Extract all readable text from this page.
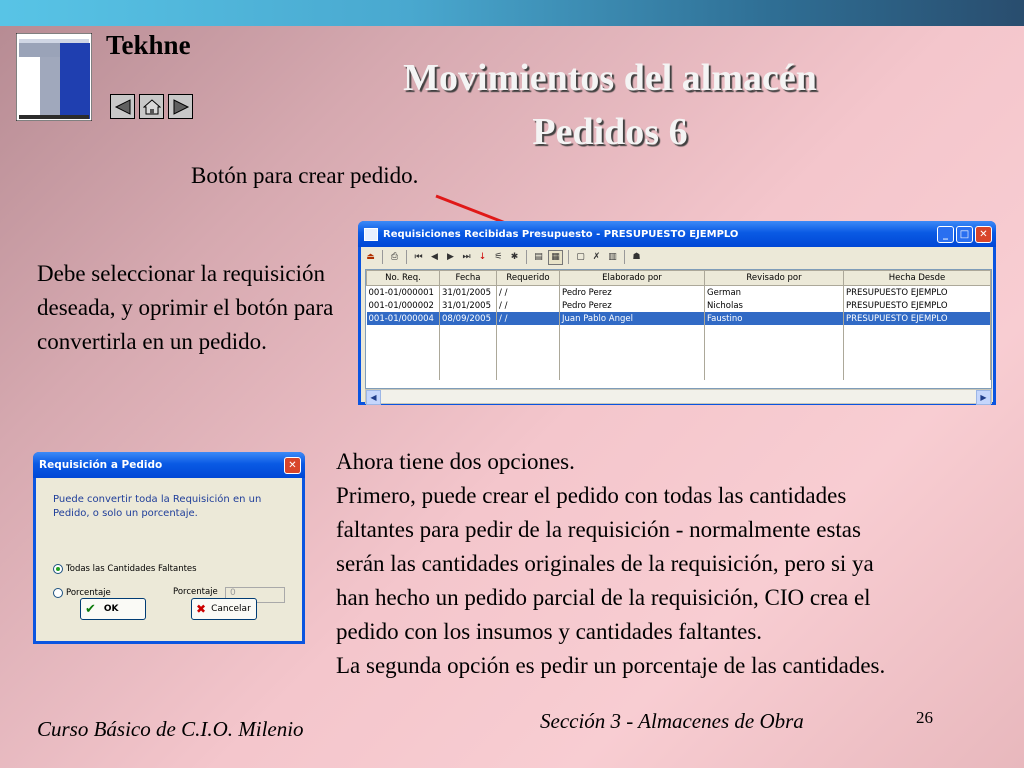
Tekhne
Movimientos del almacén
Pedidos 6
Botón para crear pedido.
Debe seleccionar la requisición deseada, y oprimir el botón para convertirla en un pedido.
Requisiciones Recibidas Presupuesto - PRESUPUESTO EJEMPLO	_	□	✕
⏏	⎙	⏮ ◀	▶ ⏭ ↓ ⚟ ✱	▤ ▦	▢ ✗ ▥ ☗
No. Req.	Fecha	Requerido	Elaborado por	Revisado por	Hecha Desde
001-01/000001	31/01/2005	/ /	Pedro Perez	German	PRESUPUESTO EJEMPLO
001-01/000002	31/01/2005	/ /	Pedro Perez	Nicholas	PRESUPUESTO EJEMPLO
001-01/000004	08/09/2005	/ /	Juan Pablo Angel	Faustino	PRESUPUESTO EJEMPLO

◀	▶
Requisición a Pedido	✕
Puede convertir toda la Requisición en un Pedido, o solo un porcentaje.
Todas las Cantidades Faltantes
Porcentaje	Porcentaje	0
✔ OK	✖ Cancelar
Ahora tiene dos opciones.
Primero, puede crear el pedido con todas las cantidades
faltantes para pedir de la requisición - normalmente estas
serán las cantidades originales de la requisición, pero si ya
han hecho un pedido parcial de la requisición, CIO crea el
pedido con los insumos y cantidades faltantes.
La segunda opción es pedir un porcentaje de las cantidades.
Curso Básico de C.I.O. Milenio	Sección 3 - Almacenes de Obra	26
